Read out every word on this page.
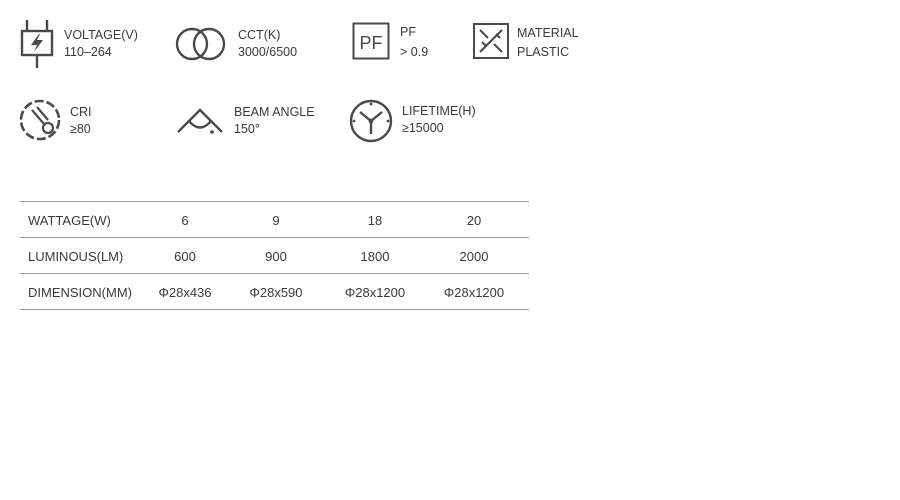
VOLTAGE(V)
110–264
CCT(K)
3000/6500	PF
PF
> 0.9
MATERIAL
PLASTIC
CRI
≥80
BEAM ANGLE
150°
LIFETIME(H)
≥15000
WATTAGE(W)	6	9	18	20
LUMINOUS(LM)	600	900	1800	2000
DIMENSION(MM) Φ28x436	Φ28x590	Φ28x1200	Φ28x1200
